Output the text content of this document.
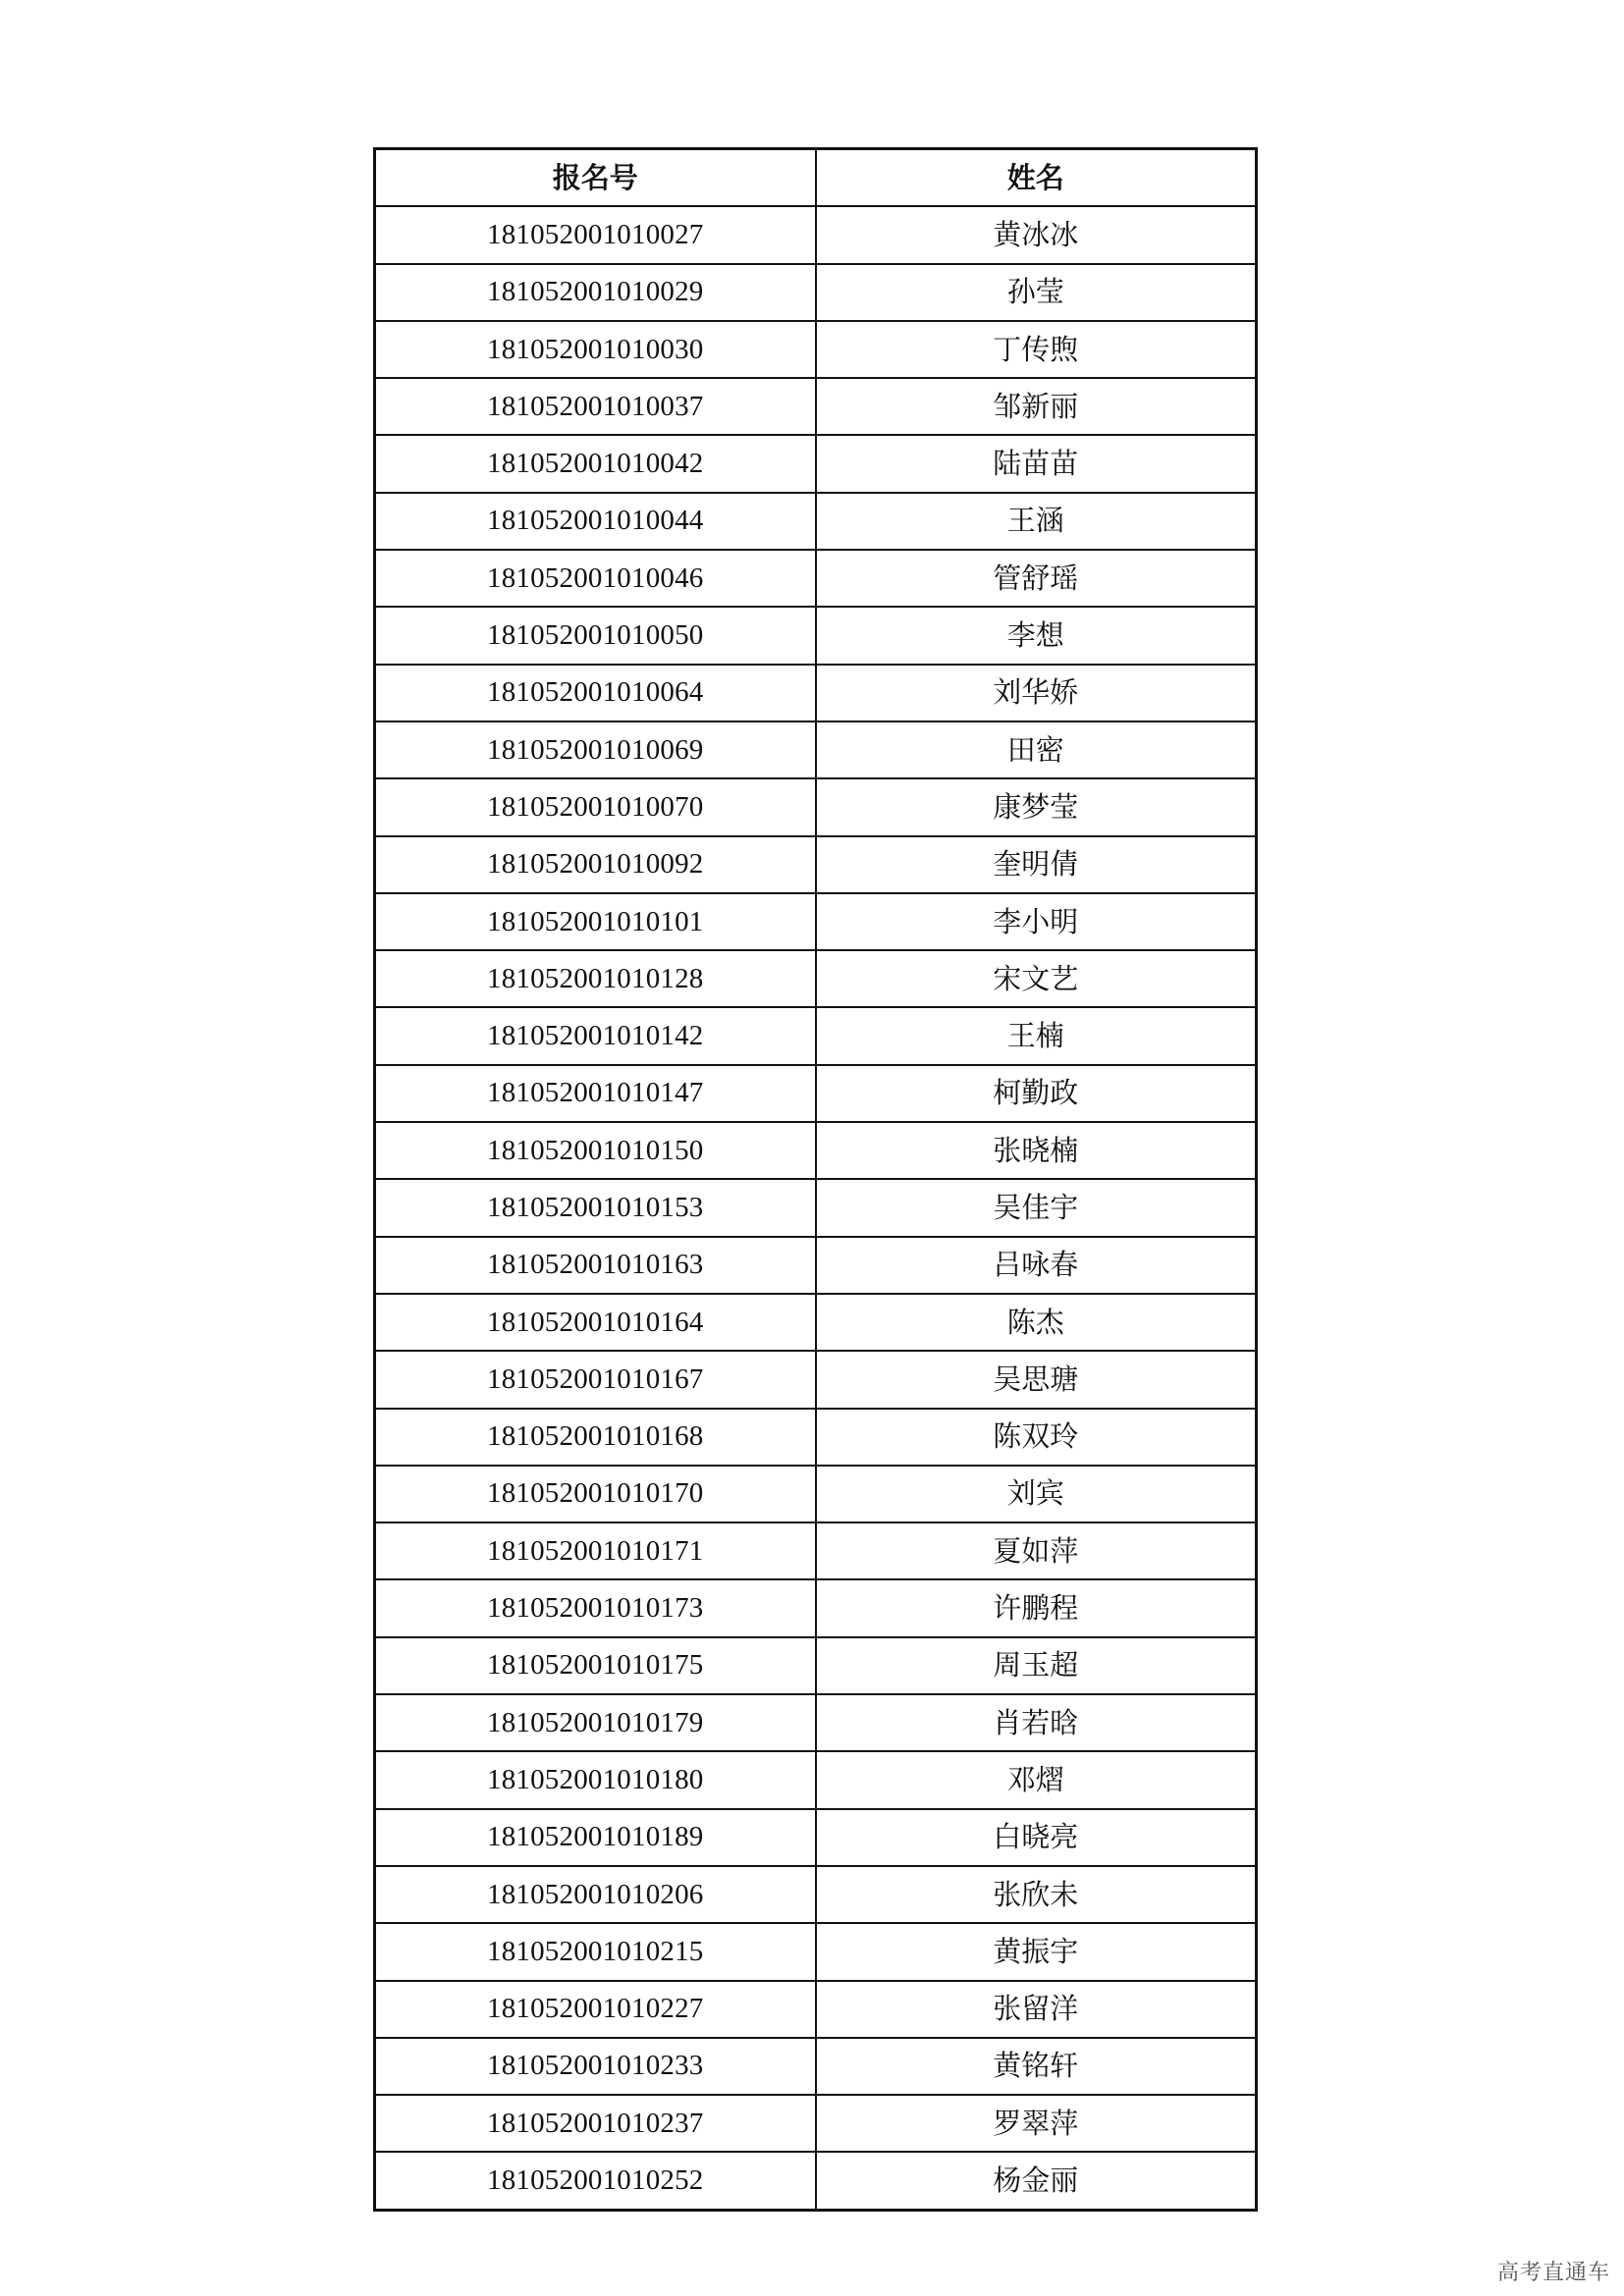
报名号	姓名
181052001010027	黄冰冰
181052001010029	孙莹
181052001010030	丁传煦
181052001010037	邹新丽
181052001010042	陆苗苗
181052001010044	王涵
181052001010046	管舒瑶
181052001010050	李想
181052001010064	刘华娇
181052001010069	田密
181052001010070	康梦莹
181052001010092	奎明倩
181052001010101	李小明
181052001010128	宋文艺
181052001010142	王楠
181052001010147	柯勤政
181052001010150	张晓楠
181052001010153	吴佳宇
181052001010163	吕咏春
181052001010164	陈杰
181052001010167	吴思瑭
181052001010168	陈双玲
181052001010170	刘宾
181052001010171	夏如萍
181052001010173	许鹏程
181052001010175	周玉超
181052001010179	肖若晗
181052001010180	邓熠
181052001010189	白晓亮
181052001010206	张欣未
181052001010215	黄振宇
181052001010227	张留洋
181052001010233	黄铭轩
181052001010237	罗翠萍
181052001010252	杨金丽
高考直通车
